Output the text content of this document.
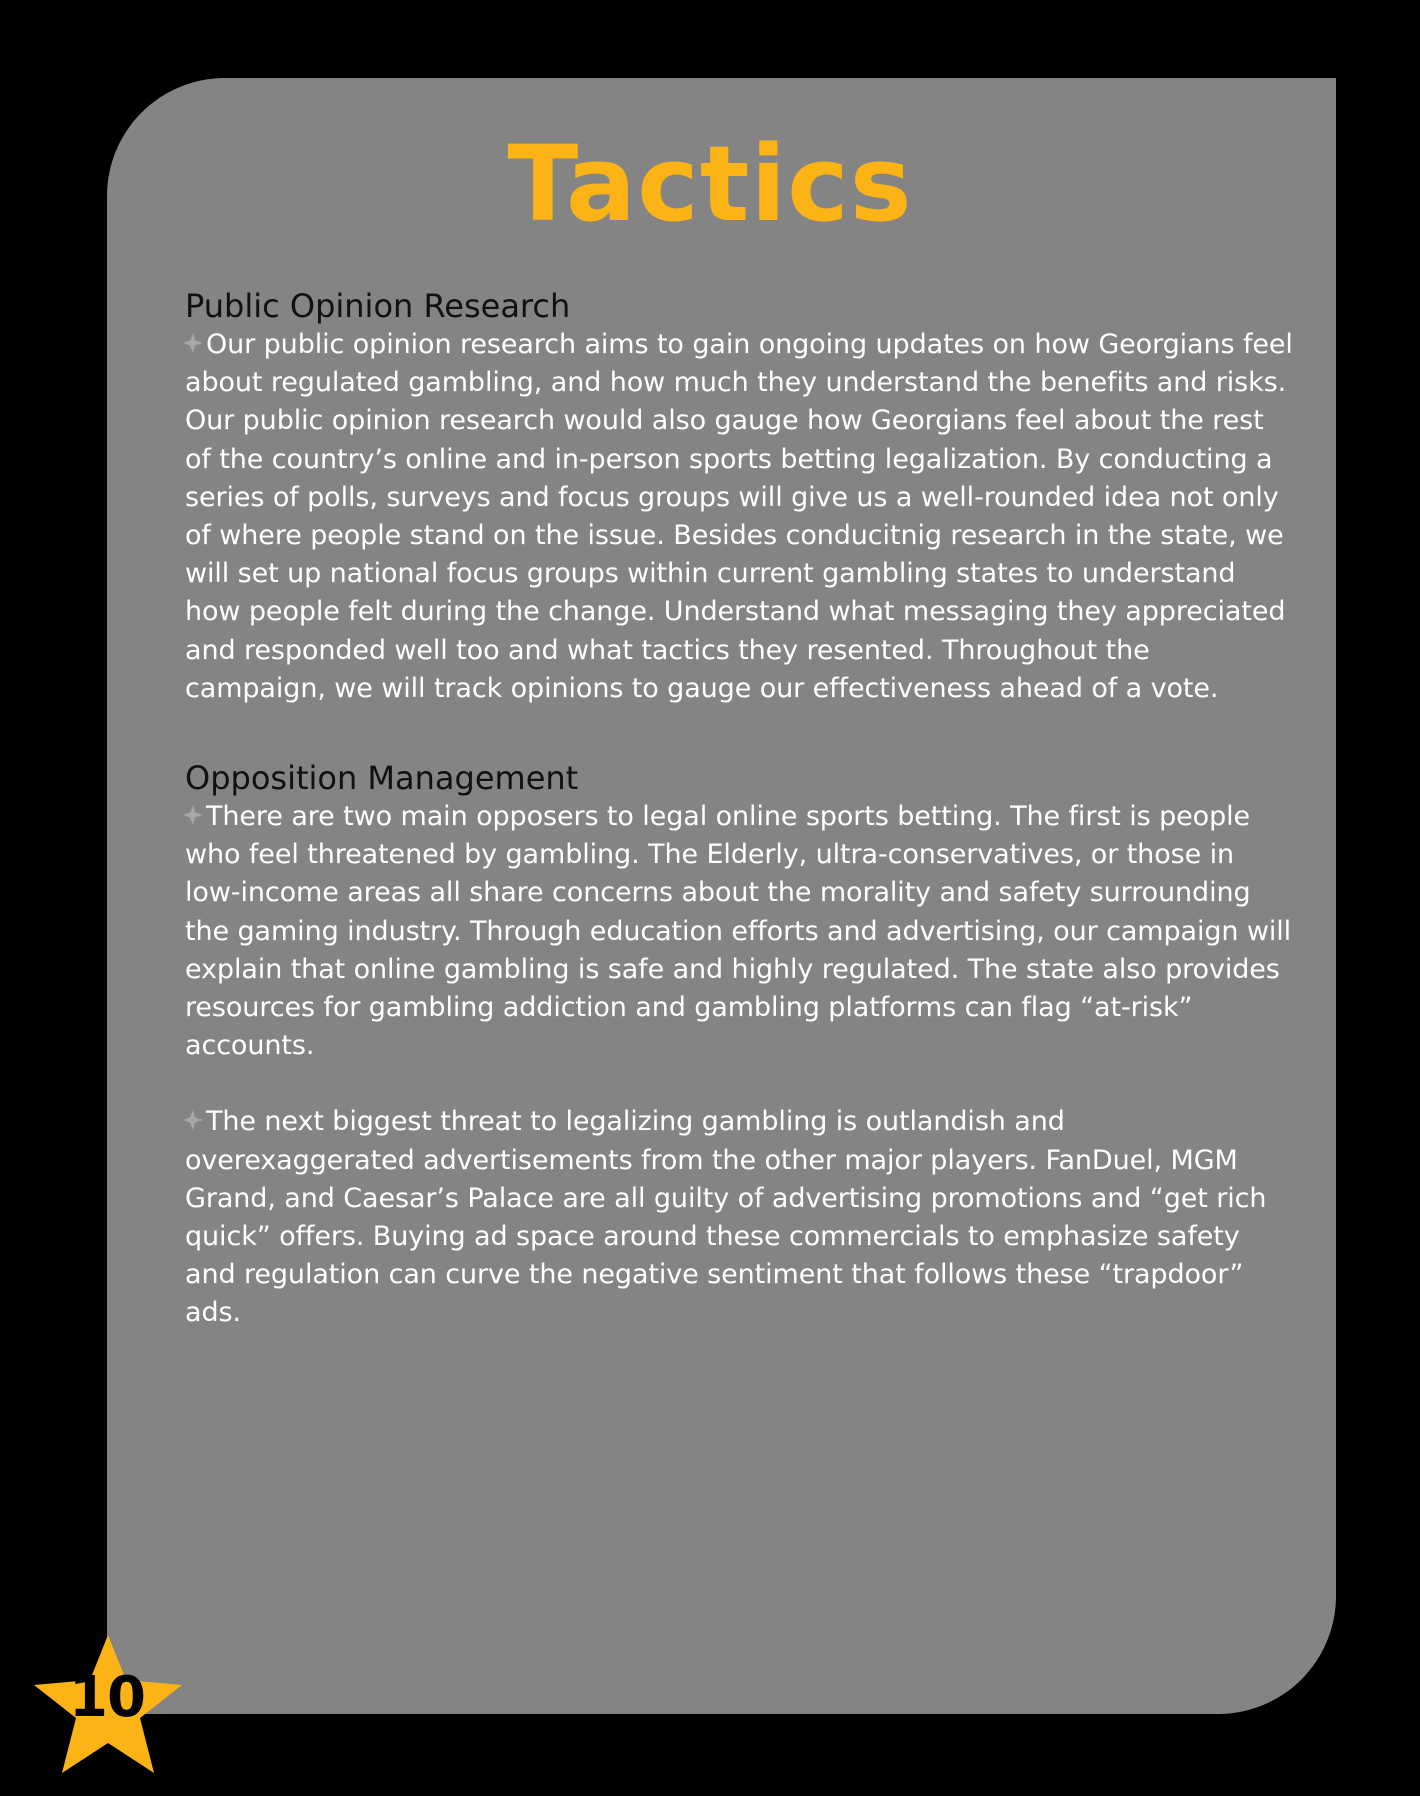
Tactics
Public Opinion Research

Our public opinion research aims to gain ongoing updates on how Georgians feel about regulated gambling, and how much they understand the benefits and risks. Our public opinion research would also gauge how Georgians feel about the rest of the country’s online and in-person sports betting legalization. By conducting a series of polls, surveys and focus groups will give us a well-rounded idea not only of where people stand on the issue. Besides conducitnig research in the state, we will set up national focus groups within current gambling states to understand how people felt during the change. Understand what messaging they appreciated and responded well too and what tactics they resented. Throughout the campaign, we will track opinions to gauge our effectiveness ahead of a vote.

Opposition Management

There are two main opposers to legal online sports betting. The first is people who feel threatened by gambling. The Elderly, ultra-conservatives, or those in low-income areas all share concerns about the morality and safety surrounding the gaming industry. Through education efforts and advertising, our campaign will explain that online gambling is safe and highly regulated. The state also provides resources for gambling addiction and gambling platforms can flag “at-risk” accounts.

The next biggest threat to legalizing gambling is outlandish and overexaggerated advertisements from the other major players. FanDuel, MGM Grand, and Caesar’s Palace are all guilty of advertising promotions and “get rich quick” offers. Buying ad space around these commercials to emphasize safety and regulation can curve the negative sentiment that follows these “trapdoor” ads.

10
